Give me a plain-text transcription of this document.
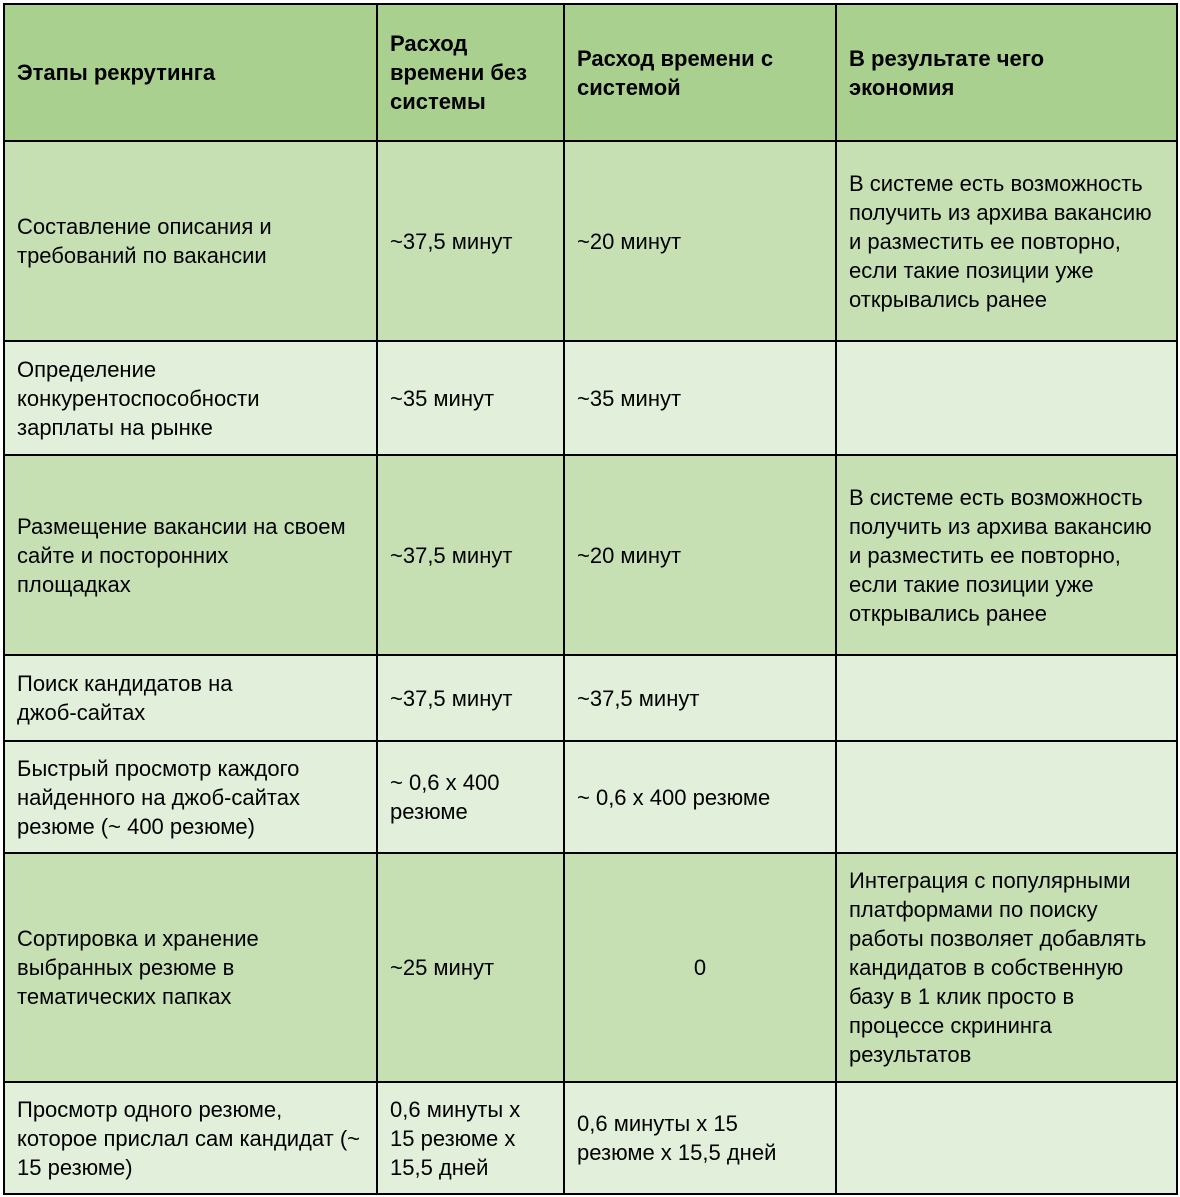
Этапы рекрутинга	Расход времени без системы	Расход времени с системой	В результате чего экономия

Составление описания и требований по вакансии	~37,5 минут	~20 минут	В системе есть возможность получить из архива вакансию и разместить ее повторно, если такие позиции уже открывались ранее

Определение конкурентоспособности зарплаты на рынке	~35 минут	~35 минут	

Размещение вакансии на своем сайте и посторонних площадках	~37,5 минут	~20 минут	В системе есть возможность получить из архива вакансию и разместить ее повторно, если такие позиции уже открывались ранее

Поиск кандидатов на джоб-сайтах	~37,5 минут	~37,5 минут	

Быстрый просмотр каждого найденного на джоб-сайтах резюме (~ 400 резюме)	~ 0,6 х 400 резюме	~ 0,6 х 400 резюме	

Сортировка и хранение выбранных резюме в тематических папках	~25 минут	0	Интеграция с популярными платформами по поиску работы позволяет добавлять кандидатов в собственную базу в 1 клик просто в процессе скрининга результатов

Просмотр одного резюме, которое прислал сам кандидат (~ 15 резюме)	0,6 минуты х 15 резюме х 15,5 дней	0,6 минуты х 15 резюме х 15,5 дней	
